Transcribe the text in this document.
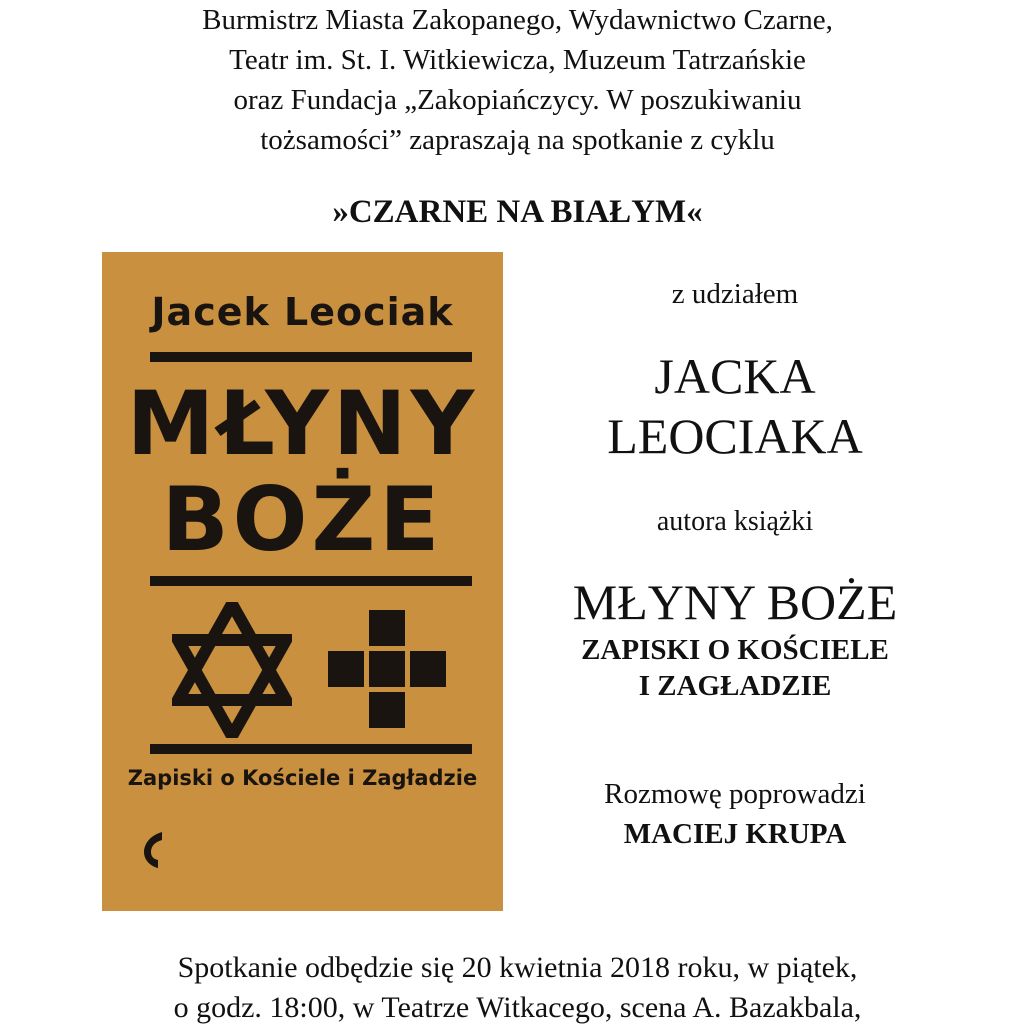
Burmistrz Miasta Zakopanego, Wydawnictwo Czarne,
Teatr im. St. I. Witkiewicza, Muzeum Tatrzańskie
oraz Fundacja „Zakopiańczycy. W poszukiwaniu
tożsamości” zapraszają na spotkanie z cyklu
»CZARNE NA BIAŁYM«
Jacek Leociak
MŁYNY
BOŻE
Zapiski o Kościele i Zagładzie
z udziałem
JACKA
LEOCIAKA
autora książki
MŁYNY BOŻE
ZAPISKI O KOŚCIELE
I ZAGŁADZIE
Rozmowę poprowadzi
MACIEJ KRUPA
Spotkanie odbędzie się 20 kwietnia 2018 roku, w piątek,
o godz. 18:00, w Teatrze Witkacego, scena A. Bazakbala,
